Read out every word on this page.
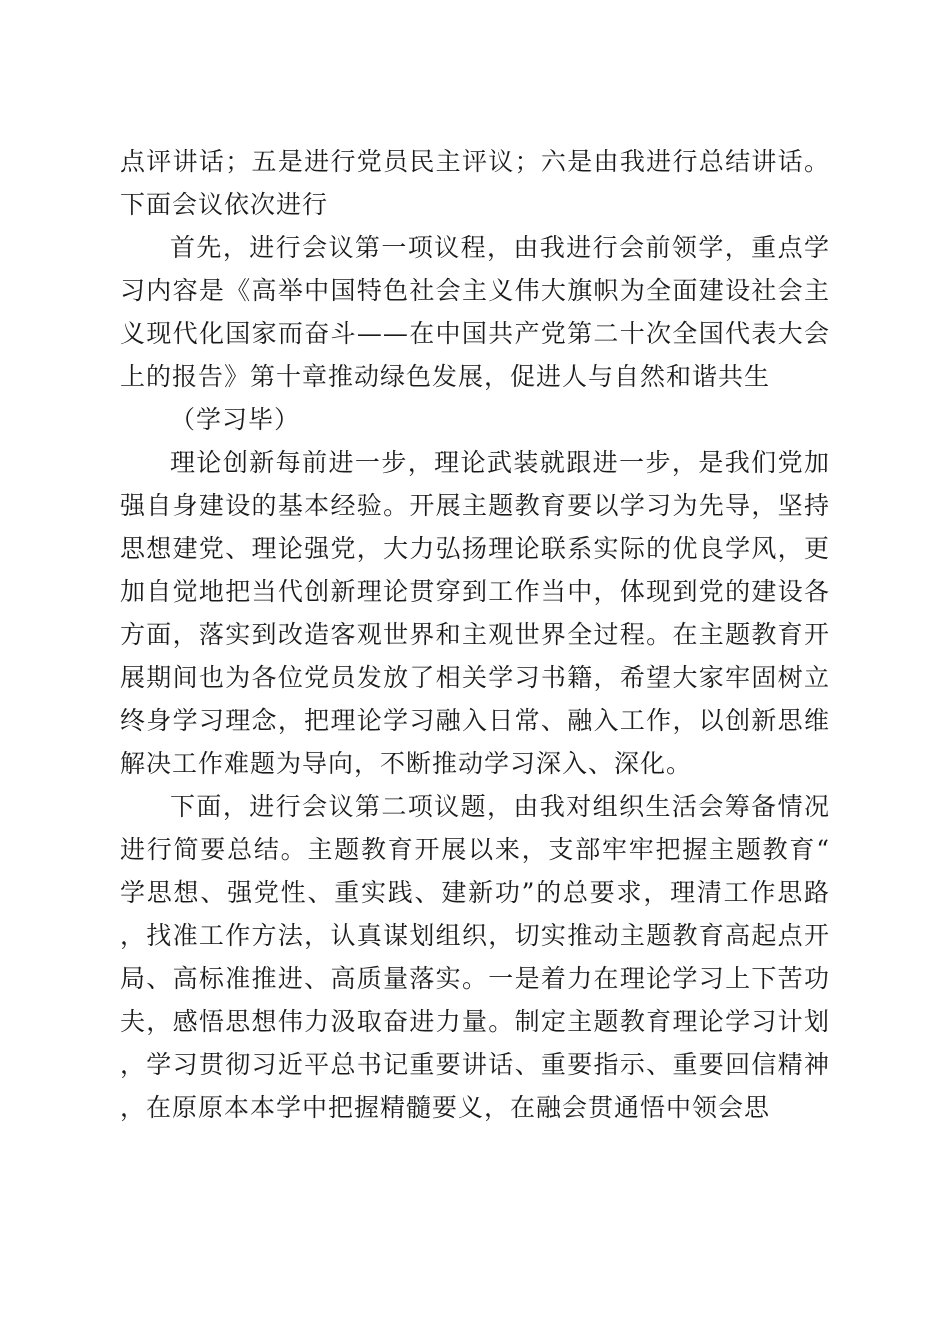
点评讲话；五是进行党员民主评议；六是由我进行总结讲话。下面会议依次进行

首先，进行会议第一项议程，由我进行会前领学，重点学习内容是《高举中国特色社会主义伟大旗帜为全面建设社会主义现代化国家而奋斗——在中国共产党第二十次全国代表大会上的报告》第十章推动绿色发展，促进人与自然和谐共生

（学习毕）

理论创新每前进一步，理论武装就跟进一步，是我们党加强自身建设的基本经验。开展主题教育要以学习为先导，坚持思想建党、理论强党，大力弘扬理论联系实际的优良学风，更加自觉地把当代创新理论贯穿到工作当中，体现到党的建设各方面，落实到改造客观世界和主观世界全过程。在主题教育开展期间也为各位党员发放了相关学习书籍，希望大家牢固树立终身学习理念，把理论学习融入日常、融入工作，以创新思维解决工作难题为导向，不断推动学习深入、深化。

下面，进行会议第二项议题，由我对组织生活会筹备情况进行简要总结。主题教育开展以来，支部牢牢把握主题教育“学思想、强党性、重实践、建新功”的总要求，理清工作思路，找准工作方法，认真谋划组织，切实推动主题教育高起点开局、高标准推进、高质量落实。一是着力在理论学习上下苦功夫，感悟思想伟力汲取奋进力量。制定主题教育理论学习计划，学习贯彻习近平总书记重要讲话、重要指示、重要回信精神，在原原本本学中把握精髓要义，在融会贯通悟中领会思
